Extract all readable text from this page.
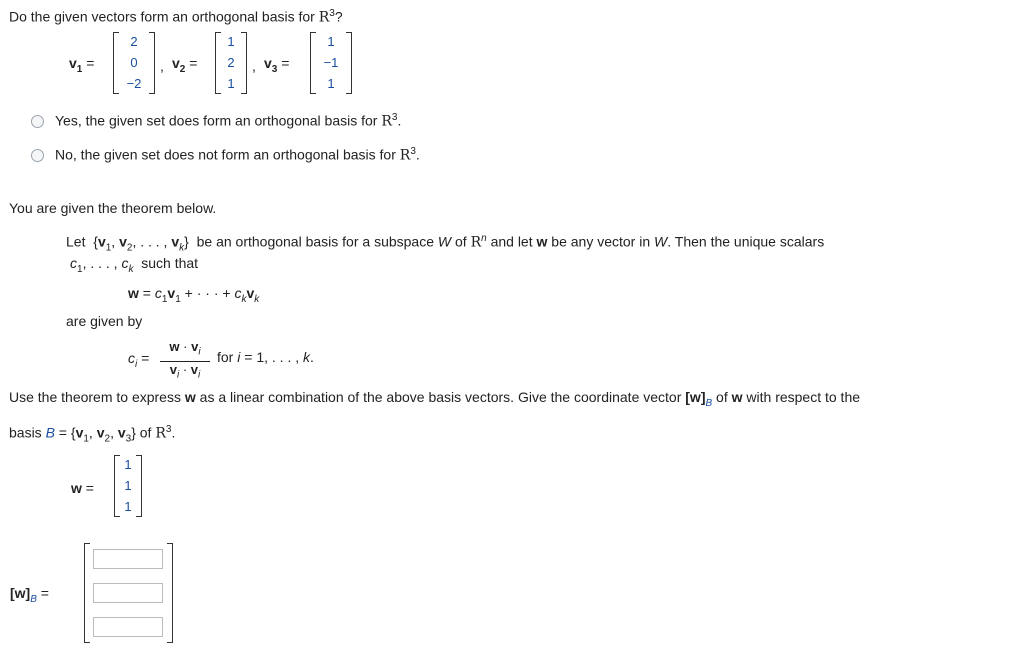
Do the given vectors form an orthogonal basis for $R^3$?
$v_1$ =
2
0
−2
, $v_2$ =
1
2
1
, $v_3$ =
1
−1
1
Yes, the given set does form an orthogonal basis for $R^3$.
No, the given set does not form an orthogonal basis for $R^3$.
You are given the theorem below.
Let {$v_1$, $v_2$, . . . , $v_k$} be an orthogonal basis for a subspace W of $R^n$ and let w be any vector in W. Then the unique scalars
$c_1$, . . . , $c_k$ such that
$w = c_1v_1$ + · · · + $c_kv_k$
are given by
$c_i$ =
$w \cdot v_i$
$v_i \cdot v_i$
for i = 1, . . . , k.
Use the theorem to express w as a linear combination of the above basis vectors. Give the coordinate vector $[w]_B$ of w with respect to the
basis $B = \{v_1$, $v_2$, $v_3$} of $R^3$.
w =
1
1
1
$[w]_B$ =
